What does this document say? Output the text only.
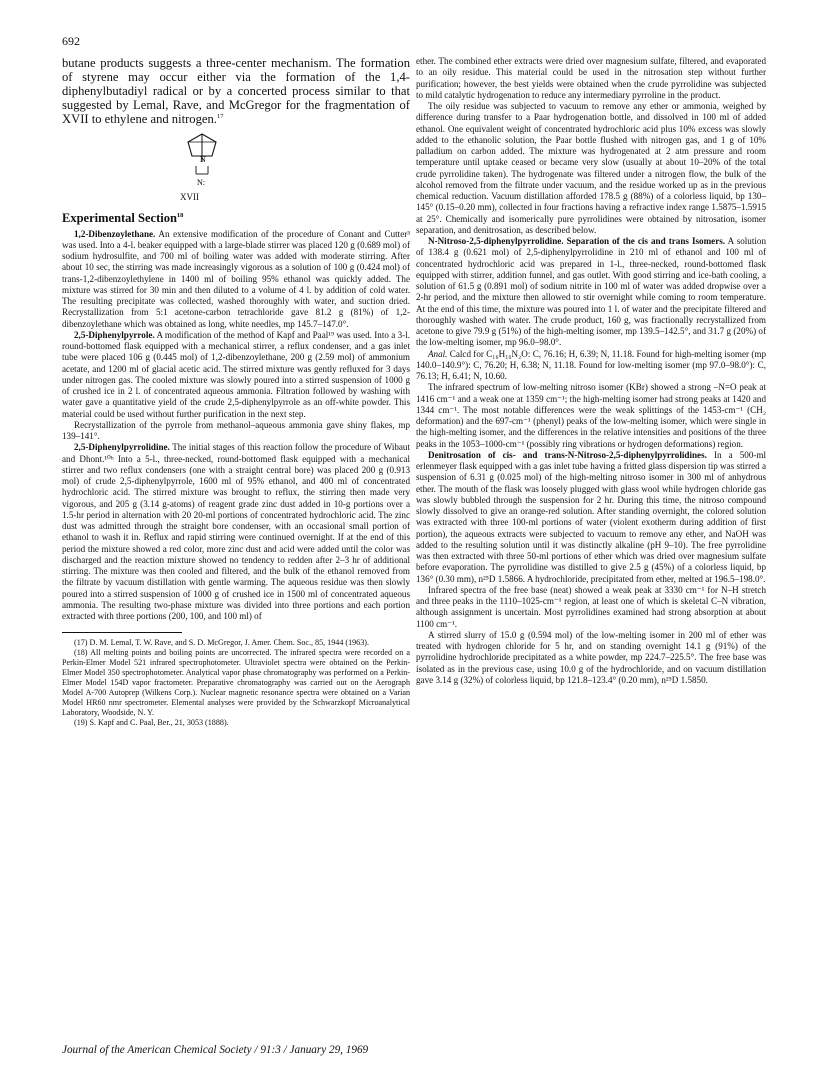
692

butane products suggests a three-center mechanism. The formation of styrene may occur either via the formation of the 1,4-diphenylbutadiyl radical or by a concerted process similar to that suggested by Lemal, Rave, and McGregor for the fragmentation of XVII to ethylene and nitrogen.$^{17}$

N
N:
XVII

Experimental Section$^{18}$

1,2-Dibenzoylethane. An extensive modification of the procedure of Conant and Cutter³ was used. Into a 4-l. beaker equipped with a large-blade stirrer was placed 120 g (0.689 mol) of sodium hydrosulfite, and 700 ml of boiling water was added with moderate stirring. After about 10 sec, the stirring was made increasingly vigorous as a solution of 100 g (0.424 mol) of trans-1,2-dibenzoylethylene in 1400 ml of boiling 95% ethanol was quickly added. The mixture was stirred for 30 min and then diluted to a volume of 4 l. by addition of cold water. The resulting precipitate was collected, washed thoroughly with water, and suction dried. Recrystallization from 5:1 acetone-carbon tetrachloride gave 81.2 g (81%) of 1,2-dibenzoylethane which was obtained as long, white needles, mp 145.7–147.0°.

2,5-Diphenylpyrrole. A modification of the method of Kapf and Paal¹⁹ was used. Into a 3-l. round-bottomed flask equipped with a mechanical stirrer, a reflux condenser, and a gas inlet tube were placed 106 g (0.445 mol) of 1,2-dibenzoylethane, 200 g (2.59 mol) of ammonium acetate, and 1200 ml of glacial acetic acid. The stirred mixture was gently refluxed for 3 days under nitrogen gas. The cooled mixture was slowly poured into a stirred suspension of 1000 g of crushed ice in 2 l. of concentrated aqueous ammonia. Filtration followed by washing with water gave a quantitative yield of the crude 2,5-diphenylpyrrole as an off-white powder. This material could be used without further purification in the next step.

Recrystallization of the pyrrole from methanol–aqueous ammonia gave shiny flakes, mp 139–141°.

2,5-Diphenylpyrrolidine. The initial stages of this reaction follow the procedure of Wibaut and Dhont.¹⁰ᵇ Into a 5-l., three-necked, round-bottomed flask equipped with a mechanical stirrer and two reflux condensers (one with a straight central bore) was placed 200 g (0.913 mol) of crude 2,5-diphenylpyrrole, 1600 ml of 95% ethanol, and 400 ml of concentrated hydrochloric acid. The stirred mixture was brought to reflux, the stirring then made very vigorous, and 205 g (3.14 g-atoms) of reagent grade zinc dust added in 10-g portions over a 1.5-hr period in alternation with 20 20-ml portions of concentrated hydrochloric acid. The zinc dust was admitted through the straight bore condenser, with an occasional small portion of ethanol to wash it in. Reflux and rapid stirring were continued overnight. If at the end of this period the mixture showed a red color, more zinc dust and acid were added until the color was discharged and the reaction mixture showed no tendency to redden after 2–3 hr of additional stirring. The mixture was then cooled and filtered, and the bulk of the ethanol removed from the filtrate by vacuum distillation with gentle warming. The aqueous residue was then slowly poured into a stirred suspension of 1000 g of crushed ice in 1500 ml of concentrated aqueous ammonia. The resulting two-phase mixture was divided into three portions and each portion extracted with three portions (200, 100, and 100 ml) of

(17) D. M. Lemal, T. W. Rave, and S. D. McGregor, J. Amer. Chem. Soc., 85, 1944 (1963).

(18) All melting points and boiling points are uncorrected. The infrared spectra were recorded on a Perkin-Elmer Model 521 infrared spectrophotometer. Ultraviolet spectra were obtained on the Perkin-Elmer Model 350 spectrophotometer. Analytical vapor phase chromatography was performed on a Perkin-Elmer Model 154D vapor fractometer. Preparative chromatography was carried out on the Aerograph Model A-700 Autoprep (Wilkens Corp.). Nuclear magnetic resonance spectra were obtained on a Varian Model HR60 nmr spectrometer. Elemental analyses were provided by the Schwarzkopf Microanalytical Laboratory, Woodside, N. Y.

(19) S. Kapf and C. Paal, Ber., 21, 3053 (1888).

ether. The combined ether extracts were dried over magnesium sulfate, filtered, and evaporated to an oily residue. This material could be used in the nitrosation step without further purification; however, the best yields were obtained when the crude pyrrolidine was subjected to mild catalytic hydrogenation to reduce any intermediary pyrroline in the product.

The oily residue was subjected to vacuum to remove any ether or ammonia, weighed by difference during transfer to a Paar hydrogenation bottle, and dissolved in 100 ml of added ethanol. One equivalent weight of concentrated hydrochloric acid plus 10% excess was slowly added to the ethanolic solution, the Paar bottle flushed with nitrogen gas, and 1 g of 10% palladium on carbon added. The mixture was hydrogenated at 2 atm pressure and room temperature until uptake ceased or became very slow (usually at about 10–20% of the total crude pyrrolidine taken). The hydrogenate was filtered under a nitrogen flow, the bulk of the alcohol removed from the filtrate under vacuum, and the residue worked up as in the previous chemical reduction. Vacuum distillation afforded 178.5 g (88%) of a colorless liquid, bp 130–145° (0.15–0.20 mm), collected in four fractions having a refractive index range 1.5875–1.5915 at 25°. Chemically and isomerically pure pyrrolidines were obtained by nitrosation, isomer separation, and denitrosation, as described below.

N-Nitroso-2,5-diphenylpyrrolidine. Separation of the cis and trans Isomers. A solution of 138.4 g (0.621 mol) of 2,5-diphenylpyrrolidine in 210 ml of ethanol and 100 ml of concentrated hydrochloric acid was prepared in 1-l., three-necked, round-bottomed flask equipped with stirrer, addition funnel, and gas outlet. With good stirring and ice-bath cooling, a solution of 61.5 g (0.891 mol) of sodium nitrite in 100 ml of water was added dropwise over a 2-hr period, and the mixture then allowed to stir overnight while coming to room temperature. At the end of this time, the mixture was poured into 1 l. of water and the precipitate filtered and thoroughly washed with water. The crude product, 160 g, was fractionally recrystallized from acetone to give 79.9 g (51%) of the high-melting isomer, mp 139.5–142.5°, and 31.7 g (20%) of the low-melting isomer, mp 96.0–98.0°.

Anal. Calcd for C₁₆H₁₆N₂O: C, 76.16; H, 6.39; N, 11.18. Found for high-melting isomer (mp 140.0–140.9°): C, 76.20; H, 6.38; N, 11.18. Found for low-melting isomer (mp 97.0–98.0°): C, 76.13; H, 6.41; N, 10.60.

The infrared spectrum of low-melting nitroso isomer (KBr) showed a strong –N=O peak at 1416 cm⁻¹ and a weak one at 1359 cm⁻¹; the high-melting isomer had strong peaks at 1420 and 1344 cm⁻¹. The most notable differences were the weak splittings of the 1453-cm⁻¹ (CH₂ deformation) and the 697-cm⁻¹ (phenyl) peaks of the low-melting isomer, which were single in the high-melting isomer, and the differences in the relative intensities and positions of the three peaks in the 1053–1000-cm⁻¹ (possibly ring vibrations or hydrogen deformations) region.

Denitrosation of cis- and trans-N-Nitroso-2,5-diphenylpyrrolidines. In a 500-ml erlenmeyer flask equipped with a gas inlet tube having a fritted glass dispersion tip was stirred a suspension of 6.31 g (0.025 mol) of the high-melting nitroso isomer in 300 ml of anhydrous ether. The mouth of the flask was loosely plugged with glass wool while hydrogen chloride gas was slowly bubbled through the suspension for 2 hr. During this time, the nitroso compound slowly dissolved to give an orange-red solution. After standing overnight, the colored solution was extracted with three 100-ml portions of water (violent exotherm during addition of first portion), the aqueous extracts were subjected to vacuum to remove any ether, and NaOH was added to the resulting solution until it was distinctly alkaline (pH 9–10). The free pyrrolidine was then extracted with three 50-ml portions of ether which was dried over magnesium sulfate before evaporation. The pyrrolidine was distilled to give 2.5 g (45%) of a colorless liquid, bp 136° (0.30 mm), n²⁵D 1.5866. A hydrochloride, precipitated from ether, melted at 196.5–198.0°.

Infrared spectra of the free base (neat) showed a weak peak at 3330 cm⁻¹ for N–H stretch and three peaks in the 1110–1025-cm⁻¹ region, at least one of which is skeletal C–N vibration, although assignment is uncertain. Most pyrrolidines examined had strong absorption at about 1100 cm⁻¹.

A stirred slurry of 15.0 g (0.594 mol) of the low-melting isomer in 200 ml of ether was treated with hydrogen chloride for 5 hr, and on standing overnight 14.1 g (91%) of the pyrrolidine hydrochloride precipitated as a white powder, mp 224.7–225.5°. The free base was isolated as in the previous case, using 10.0 g of the hydrochloride, and on vacuum distillation gave 3.14 g (32%) of colorless liquid, bp 121.8–123.4° (0.20 mm), n²⁵D 1.5850.

Journal of the American Chemical Society / 91:3 / January 29, 1969
